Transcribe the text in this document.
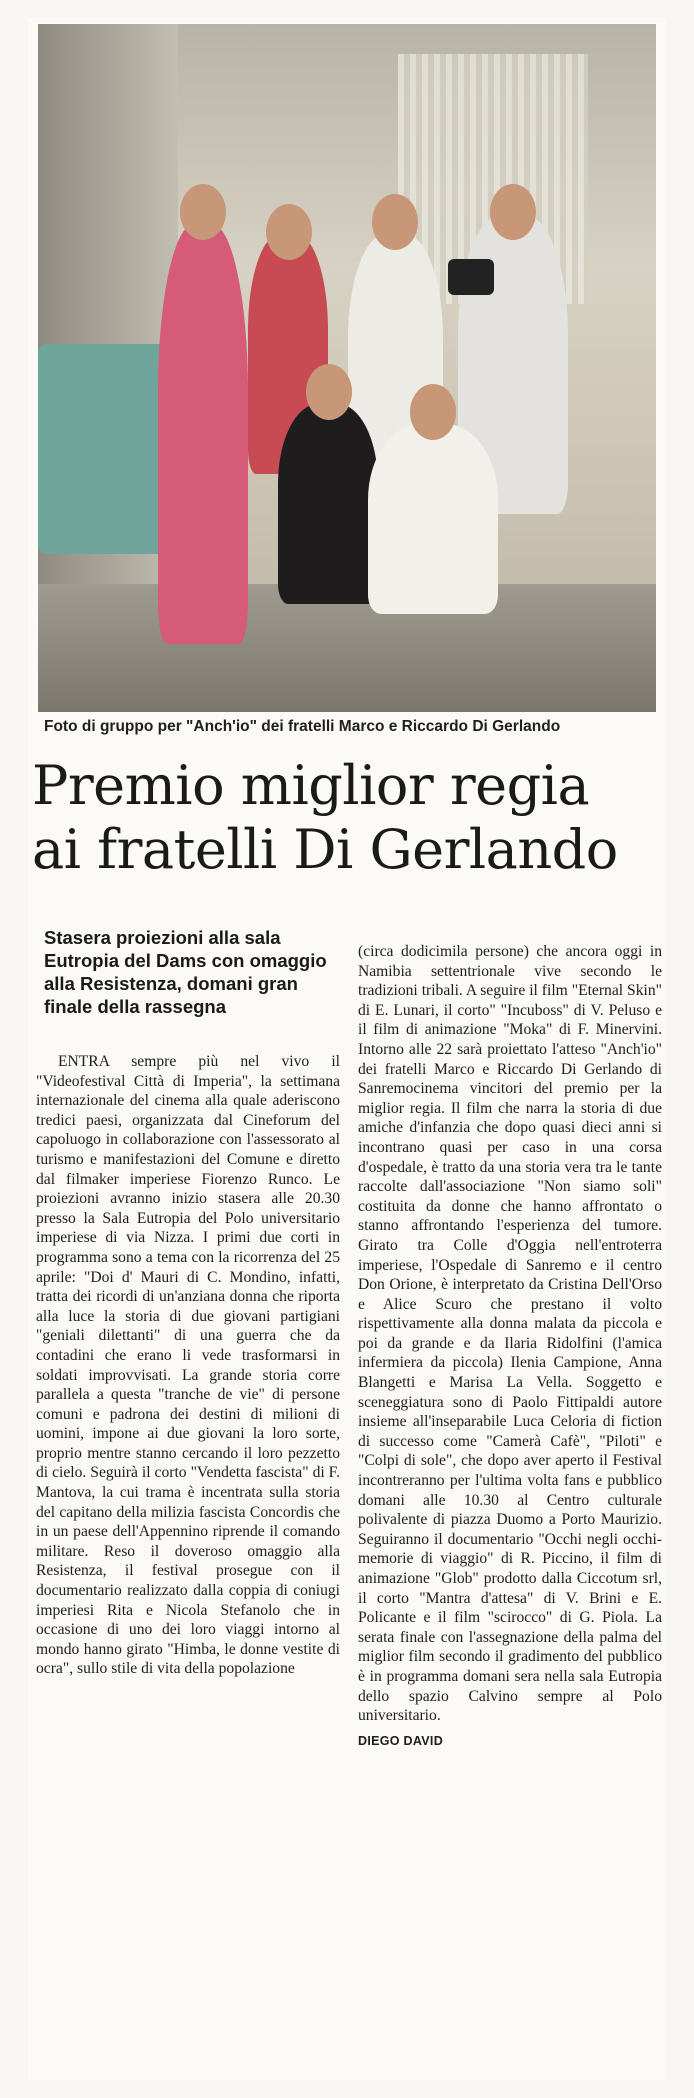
Foto di gruppo per "Anch'io" dei fratelli Marco e Riccardo Di Gerlando
Premio miglior regia
ai fratelli Di Gerlando
Stasera proiezioni alla sala Eutropia del Dams con omaggio alla Resistenza, domani gran finale della rassegna

ENTRA sempre più nel vivo il "Videofestival Città di Imperia", la settimana internazionale del cinema alla quale aderiscono tredici paesi, organizzata dal Cineforum del capoluogo in collaborazione con l'assessorato al turismo e manifestazioni del Comune e diretto dal filmaker imperiese Fiorenzo Runco. Le proiezioni avranno inizio stasera alle 20.30 presso la Sala Eutropia del Polo universitario imperiese di via Nizza. I primi due corti in programma sono a tema con la ricorrenza del 25 aprile: "Doi d' Mauri di C. Mondino, infatti, tratta dei ricordi di un'anziana donna che riporta alla luce la storia di due giovani partigiani "geniali dilettanti" di una guerra che da contadini che erano li vede trasformarsi in soldati improvvisati. La grande storia corre parallela a questa "tranche de vie" di persone comuni e padrona dei destini di milioni di uomini, impone ai due giovani la loro sorte, proprio mentre stanno cercando il loro pezzetto di cielo. Seguirà il corto "Vendetta fascista" di F. Mantova, la cui trama è incentrata sulla storia del capitano della milizia fascista Concordis che in un paese dell'Appennino riprende il comando militare. Reso il doveroso omaggio alla Resistenza, il festival prosegue con il documentario realizzato dalla coppia di coniugi imperiesi Rita e Nicola Stefanolo che in occasione di uno dei loro viaggi intorno al mondo hanno girato "Himba, le donne vestite di ocra", sullo stile di vita della popolazione

(circa dodicimila persone) che ancora oggi in Namibia settentrionale vive secondo le tradizioni tribali. A seguire il film "Eternal Skin" di E. Lunari, il corto" "Incuboss" di V. Peluso e il film di animazione "Moka" di F. Minervini. Intorno alle 22 sarà proiettato l'atteso "Anch'io" dei fratelli Marco e Riccardo Di Gerlando di Sanremocinema vincitori del premio per la miglior regia. Il film che narra la storia di due amiche d'infanzia che dopo quasi dieci anni si incontrano quasi per caso in una corsa d'ospedale, è tratto da una storia vera tra le tante raccolte dall'associazione "Non siamo soli" costituita da donne che hanno affrontato o stanno affrontando l'esperienza del tumore. Girato tra Colle d'Oggia nell'entroterra imperiese, l'Ospedale di Sanremo e il centro Don Orione, è interpretato da Cristina Dell'Orso e Alice Scuro che prestano il volto rispettivamente alla donna malata da piccola e poi da grande e da Ilaria Ridolfini (l'amica infermiera da piccola) Ilenia Campione, Anna Blangetti e Marisa La Vella. Soggetto e sceneggiatura sono di Paolo Fittipaldi autore insieme all'inseparabile Luca Celoria di fiction di successo come "Camerà Cafè", "Piloti" e "Colpi di sole", che dopo aver aperto il Festival incontreranno per l'ultima volta fans e pubblico domani alle 10.30 al Centro culturale polivalente di piazza Duomo a Porto Maurizio. Seguiranno il documentario "Occhi negli occhi-memorie di viaggio" di R. Piccino, il film di animazione "Glob" prodotto dalla Ciccotum srl, il corto "Mantra d'attesa" di V. Brini e E. Policante e il film "scirocco" di G. Piola. La serata finale con l'assegnazione della palma del miglior film secondo il gradimento del pubblico è in programma domani sera nella sala Eutropia dello spazio Calvino sempre al Polo universitario.

DIEGO DAVID
